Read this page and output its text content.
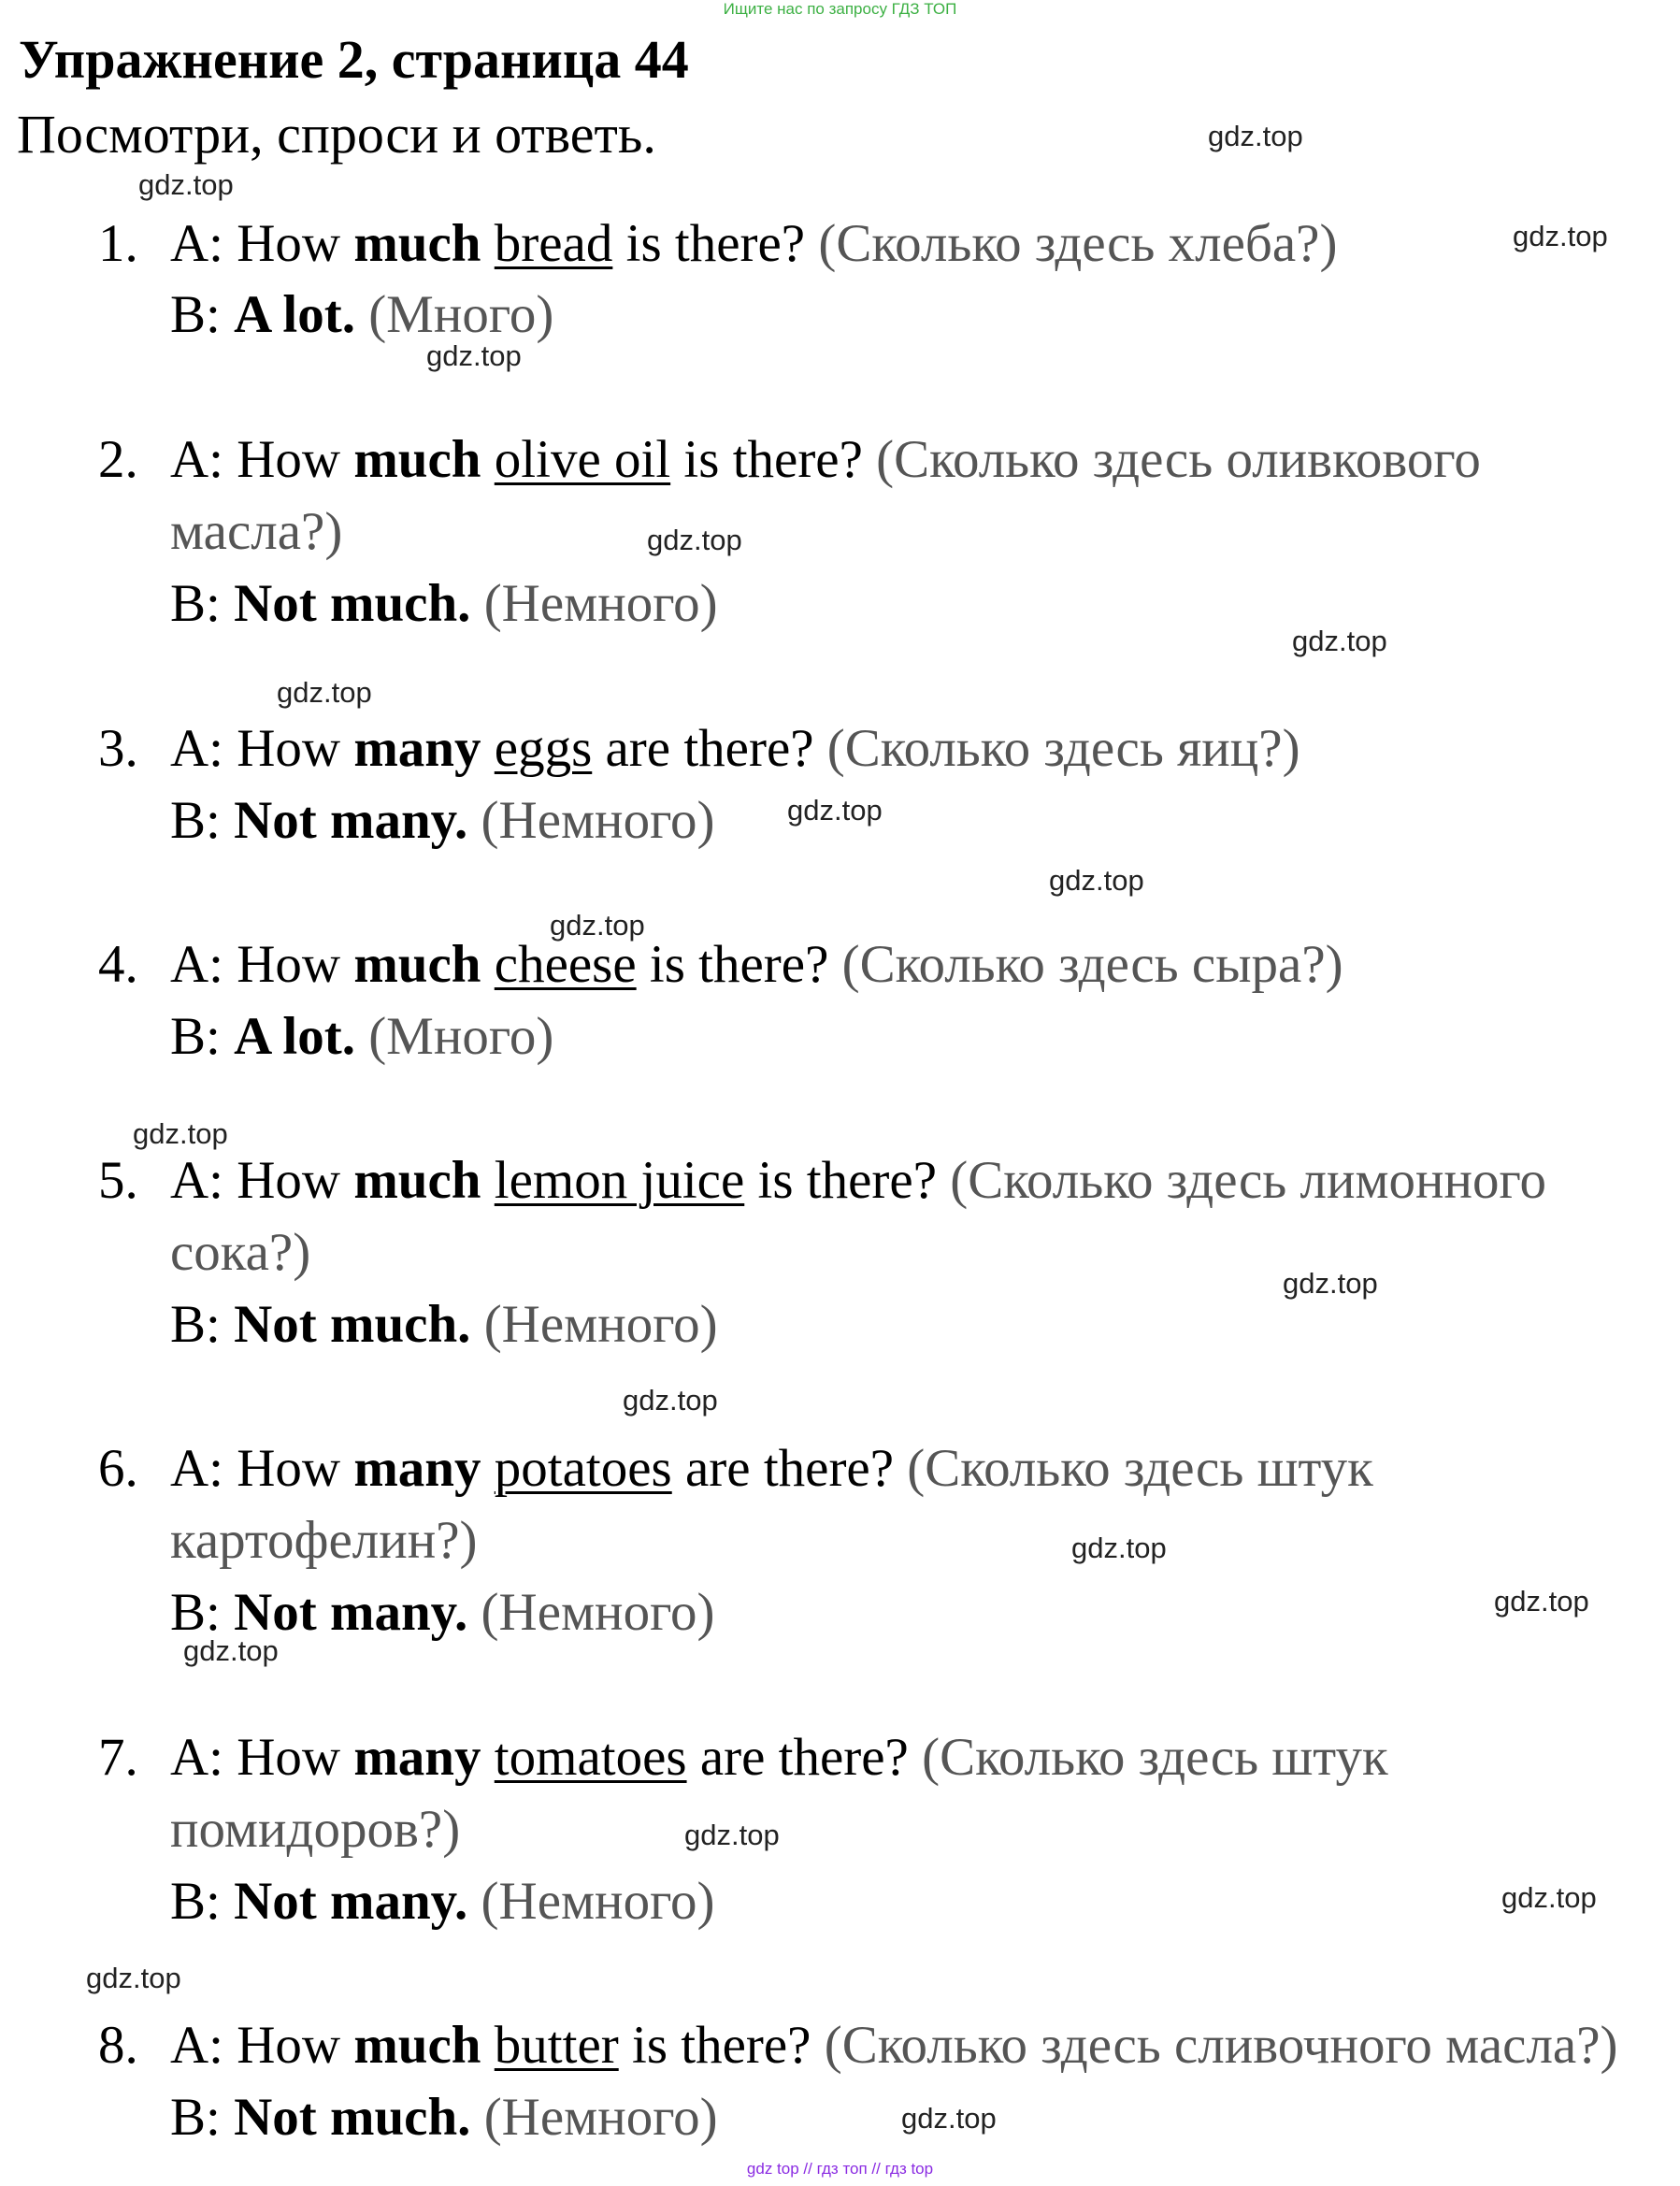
Ищите нас по запросу ГДЗ ТОП
Упражнение 2, страница 44
Посмотри, спроси и ответь.
1. A: How much bread is there? (Сколько здесь хлеба?)
B: A lot. (Много)
2. A: How much olive oil is there? (Сколько здесь оливкового
масла?)
B: Not much. (Немного)
3. A: How many eggs are there? (Сколько здесь яиц?)
B: Not many. (Немного)
4. A: How much cheese is there? (Сколько здесь сыра?)
B: A lot. (Много)
5. A: How much lemon juice is there? (Сколько здесь лимонного
сока?)
B: Not much. (Немного)
6. A: How many potatoes are there? (Сколько здесь штук
картофелин?)
B: Not many. (Немного)
7. A: How many tomatoes are there? (Сколько здесь штук
помидоров?)
B: Not many. (Немного)
8. A: How much butter is there? (Сколько здесь сливочного масла?)
B: Not much. (Немного)
gdz.top
gdz.top
gdz.top
gdz.top
gdz.top
gdz.top
gdz.top
gdz.top
gdz.top
gdz.top
gdz.top
gdz.top
gdz.top
gdz.top
gdz.top
gdz.top
gdz.top
gdz.top
gdz.top
gdz.top
gdz top // гдз топ // гдз top
